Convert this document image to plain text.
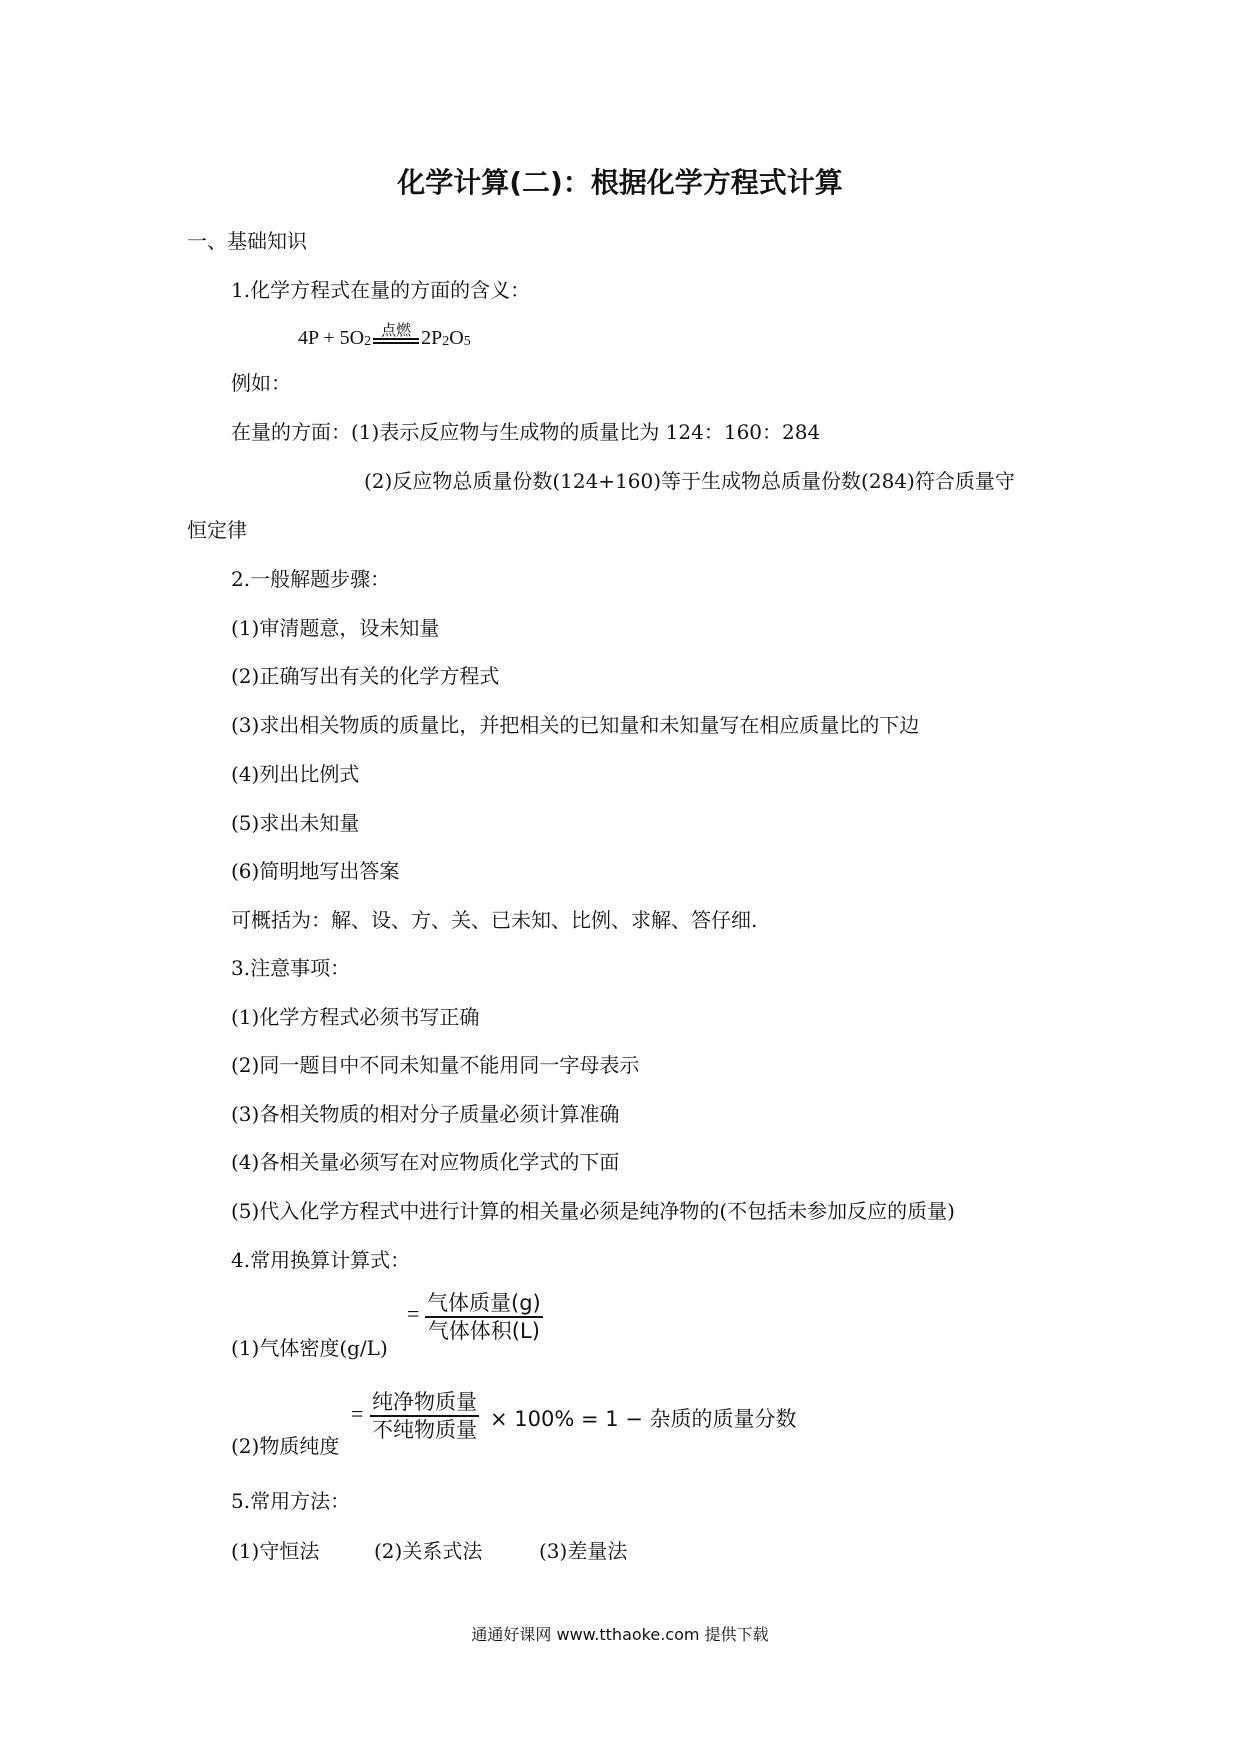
化学计算(二)：根据化学方程式计算
一、基础知识
1.化学方程式在量的方面的含义：
4P + 5O 2
点燃 2P 2 O 5
例如：
在量的方面：(1)表示反应物与生成物的质量比为 124：160：284
(2)反应物总质量份数(124+160)等于生成物总质量份数(284)符合质量守
恒定律
2.一般解题步骤：
(1)审清题意，设未知量
(2)正确写出有关的化学方程式
(3)求出相关物质的质量比，并把相关的已知量和未知量写在相应质量比的下边
(4)列出比例式
(5)求出未知量
(6)简明地写出答案
可概括为：解、设、方、关、已未知、比例、求解、答仔细.
3.注意事项：
(1)化学方程式必须书写正确
(2)同一题目中不同未知量不能用同一字母表示
(3)各相关物质的相对分子质量必须计算准确
(4)各相关量必须写在对应物质化学式的下面
(5)代入化学方程式中进行计算的相关量必须是纯净物的(不包括未参加反应的质量)
4.常用换算计算式：
(1)气体密度(g/L)
= 气体质量(g)
气体体积(L)
(2)物质纯度
= 纯净物质量
不纯物质量 × 100% = 1 − 杂质的质量分数
5.常用方法：
(1)守恒法	(2)关系式法	(3)差量法
通通好课网 www.tthaoke.com 提供下载
